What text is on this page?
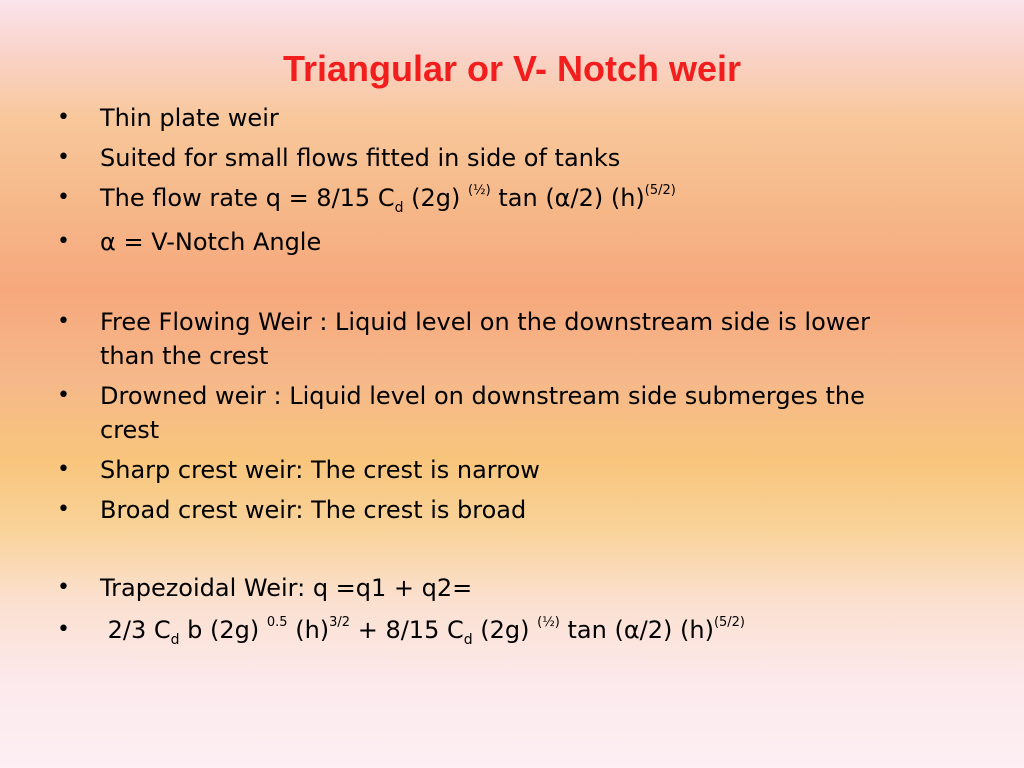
Triangular or V- Notch weir
• Thin plate weir
• Suited for small flows fitted in side of tanks
• The flow rate q = 8/15 $C_d$ (2g) $^{(\frac{1}{2})}$ tan (α/2) $(h)^{(5/2)}$
• α = V-Notch Angle
• Free Flowing Weir : Liquid level on the downstream side is lower than the crest
• Drowned weir : Liquid level on downstream side submerges the crest
• Sharp crest weir: The crest is narrow
• Broad crest weir: The crest is broad
• Trapezoidal Weir: q =q1 + q2=
• 2/3 $C_d$ b (2g) $^{0.5}$ $(h)^{3/2} + 8/15$ $C_d$ (2g) $^{(\frac{1}{2})}$ tan (α/2) $(h)^{(5/2)}$
